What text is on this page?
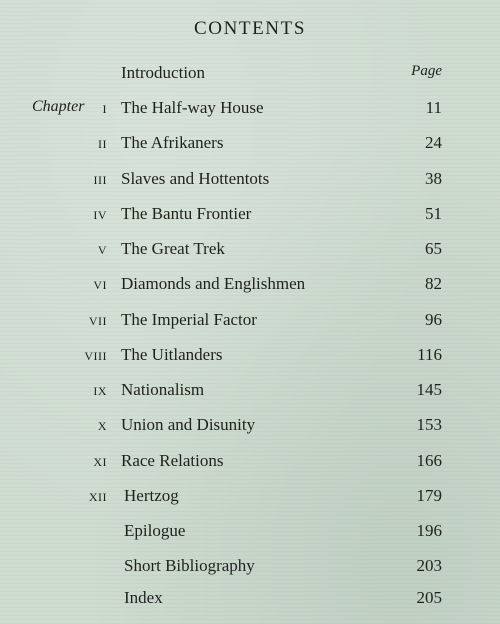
CONTENTS
Introduction	Page
Chapter I The Half-way House	11
II The Afrikaners	24
III Slaves and Hottentots	38
IV The Bantu Frontier	51
V The Great Trek	65
VI Diamonds and Englishmen	82
VII The Imperial Factor	96
VIII The Uitlanders	116
IX Nationalism	145
X Union and Disunity	153
XI Race Relations	166
XII Hertzog	179
Epilogue	196
Short Bibliography	203
Index	205
